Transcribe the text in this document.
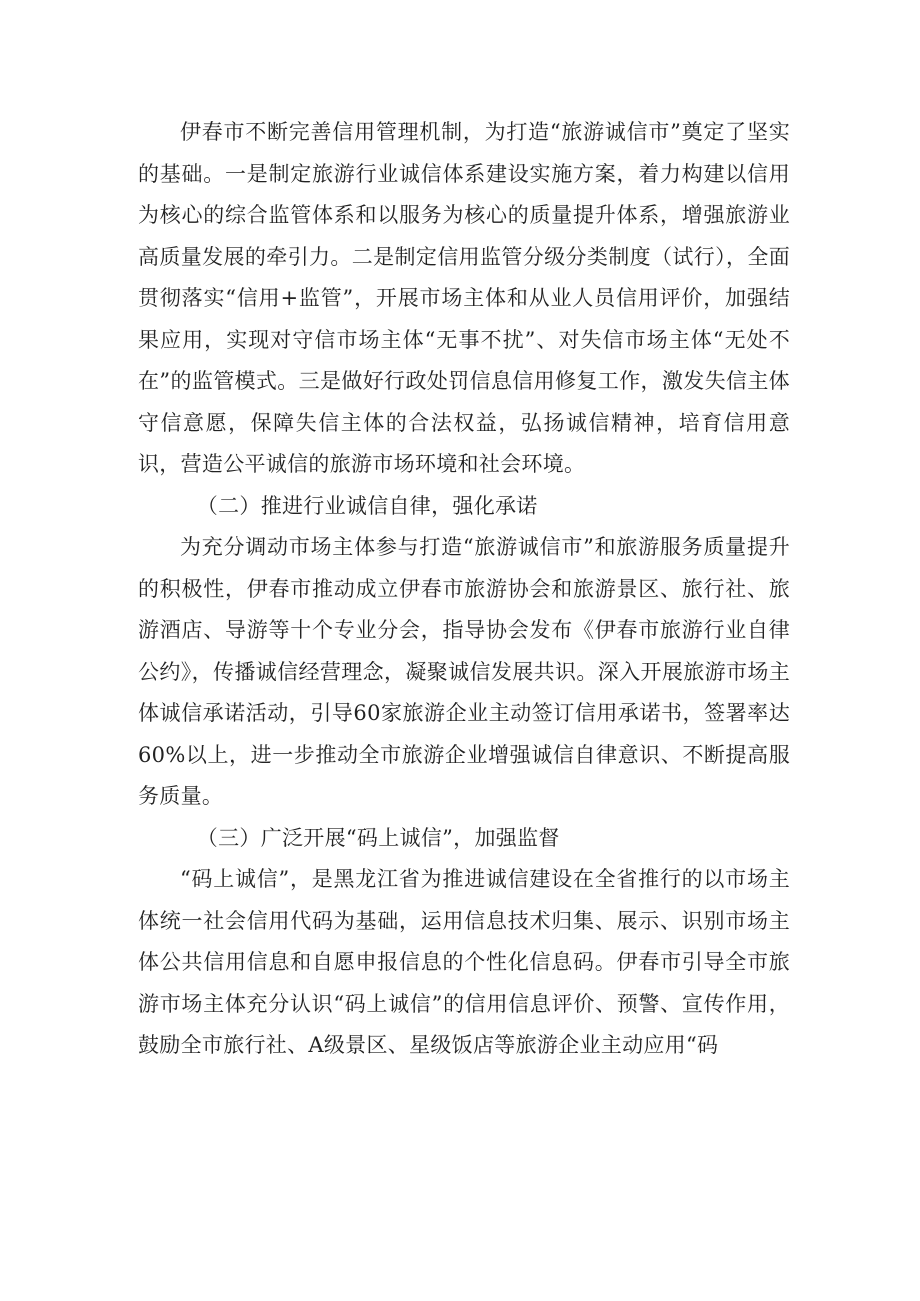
伊春市不断完善信用管理机制，为打造“旅游诚信市”奠定了坚实的基础。一是制定旅游行业诚信体系建设实施方案，着力构建以信用为核心的综合监管体系和以服务为核心的质量提升体系，增强旅游业高质量发展的牵引力。二是制定信用监管分级分类制度（试行），全面贯彻落实“信用+监管”，开展市场主体和从业人员信用评价，加强结果应用，实现对守信市场主体“无事不扰”、对失信市场主体“无处不在”的监管模式。三是做好行政处罚信息信用修复工作，激发失信主体守信意愿，保障失信主体的合法权益，弘扬诚信精神，培育信用意识，营造公平诚信的旅游市场环境和社会环境。

（二）推进行业诚信自律，强化承诺

为充分调动市场主体参与打造“旅游诚信市”和旅游服务质量提升的积极性，伊春市推动成立伊春市旅游协会和旅游景区、旅行社、旅游酒店、导游等十个专业分会，指导协会发布《伊春市旅游行业自律公约》，传播诚信经营理念，凝聚诚信发展共识。深入开展旅游市场主体诚信承诺活动，引导60家旅游企业主动签订信用承诺书，签署率达60%以上，进一步推动全市旅游企业增强诚信自律意识、不断提高服务质量。

（三）广泛开展“码上诚信”，加强监督

“码上诚信”，是黑龙江省为推进诚信建设在全省推行的以市场主体统一社会信用代码为基础，运用信息技术归集、展示、识别市场主体公共信用信息和自愿申报信息的个性化信息码。伊春市引导全市旅游市场主体充分认识“码上诚信”的信用信息评价、预警、宣传作用，鼓励全市旅行社、A级景区、星级饭店等旅游企业主动应用“码
